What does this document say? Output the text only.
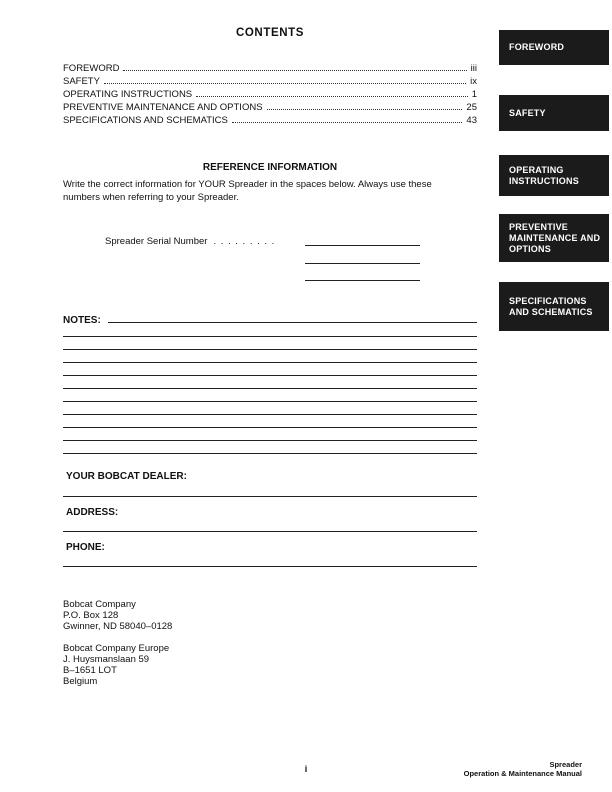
CONTENTS
FOREWORD	iii
SAFETY	ix
OPERATING INSTRUCTIONS	1
PREVENTIVE MAINTENANCE AND OPTIONS	25
SPECIFICATIONS AND SCHEMATICS	43
REFERENCE INFORMATION
Write the correct information for YOUR Spreader in the spaces below. Always use these numbers when referring to your Spreader.
Spreader Serial Number . . . . . . . . .
NOTES:
YOUR BOBCAT DEALER:
ADDRESS:
PHONE:
Bobcat Company
P.O. Box 128
Gwinner, ND 58040–0128
Bobcat Company Europe
J. Huysmanslaan 59
B–1651 LOT
Belgium
FOREWORD
SAFETY
OPERATING INSTRUCTIONS
PREVENTIVE MAINTENANCE AND OPTIONS
SPECIFICATIONS AND SCHEMATICS
i	Spreader
Operation & Maintenance Manual
